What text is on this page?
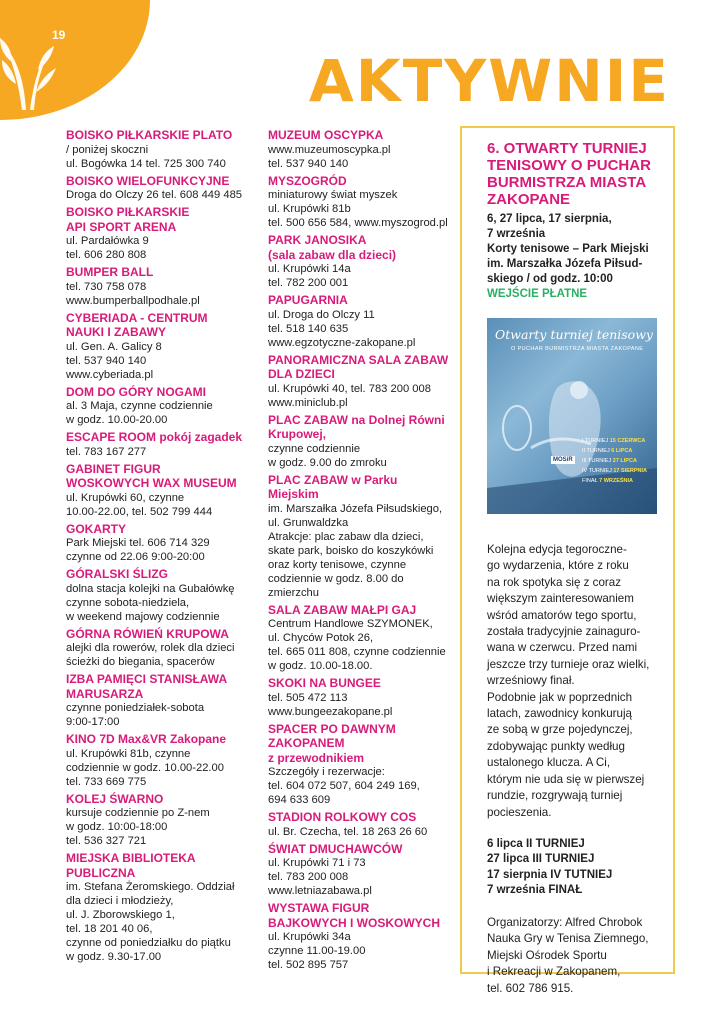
19
AKTYWNIE
BOISKO PIŁKARSKIE PLATO
/ poniżej skoczni
ul. Bogówka 14 tel. 725 300 740
BOISKO WIELOFUNKCYJNE
Droga do Olczy 26 tel. 608 449 485
BOISKO PIŁKARSKIE
API SPORT ARENA
ul. Pardałówka 9
tel. 606 280 808
BUMPER BALL
tel. 730 758 078
www.bumperballpodhale.pl
CYBERIADA - CENTRUM
NAUKI I ZABAWY
ul. Gen. A. Galicy 8
tel. 537 940 140
www.cyberiada.pl
DOM DO GÓRY NOGAMI
al. 3 Maja, czynne codziennie
w godz. 10.00-20.00
ESCAPE ROOM pokój zagadek
tel. 783 167 277
GABINET FIGUR
WOSKOWYCH WAX MUSEUM
ul. Krupówki 60, czynne
10.00-22.00, tel. 502 799 444
GOKARTY
Park Miejski tel. 606 714 329
czynne od 22.06 9:00-20:00
GÓRALSKI ŚLIZG
dolna stacja kolejki na Gubałówkę
czynne sobota-niedziela,
w weekend majowy codziennie
GÓRNA RÓWIEŃ KRUPOWA
alejki dla rowerów, rolek dla dzieci
ścieżki do biegania, spacerów
IZBA PAMIĘCI STANISŁAWA
MARUSARZA
czynne poniedziałek-sobota
9:00-17:00
KINO 7D Max&VR Zakopane
ul. Krupówki 81b, czynne
codziennie w godz. 10.00-22.00
tel. 733 669 775
KOLEJ ŚWARNO
kursuje codziennie po Z-nem
w godz. 10:00-18:00
tel. 536 327 721
MIEJSKA BIBLIOTEKA
PUBLICZNA
im. Stefana Żeromskiego. Oddział
dla dzieci i młodzieży,
ul. J. Zborowskiego 1,
tel. 18 201 40 06,
czynne od poniedziałku do piątku
w godz. 9.30-17.00
MUZEUM OSCYPKA
www.muzeumoscypka.pl
tel. 537 940 140
MYSZOGRÓD
miniaturowy świat myszek
ul. Krupówki 81b
tel. 500 656 584, www.myszogrod.pl
PARK JANOSIKA
(sala zabaw dla dzieci)
ul. Krupówki 14a
tel. 782 200 001
PAPUGARNIA
ul. Droga do Olczy 11
tel. 518 140 635
www.egzotyczne-zakopane.pl
PANORAMICZNA SALA ZABAW
DLA DZIECI
ul. Krupówki 40, tel. 783 200 008
www.miniclub.pl
PLAC ZABAW na Dolnej Równi
Krupowej,
czynne codziennie
w godz. 9.00 do zmroku
PLAC ZABAW w Parku
Miejskim
im. Marszałka Józefa Piłsudskiego,
ul. Grunwaldzka
Atrakcje: plac zabaw dla dzieci,
skate park, boisko do koszykówki
oraz korty tenisowe, czynne
codziennie w godz. 8.00 do
zmierzchu
SALA ZABAW MAŁPI GAJ
Centrum Handlowe SZYMONEK,
ul. Chyców Potok 26,
tel. 665 011 808, czynne codziennie
w godz. 10.00-18.00.
SKOKI NA BUNGEE
tel. 505 472 113
www.bungeezakopane.pl
SPACER PO DAWNYM
ZAKOPANEM
z przewodnikiem
Szczegóły i rezerwacje:
tel. 604 072 507, 604 249 169,
694 633 609
STADION ROLKOWY COS
ul. Br. Czecha, tel. 18 263 26 60
ŚWIAT DMUCHAWCÓW
ul. Krupówki 71 i 73
tel. 783 200 008
www.letniazabawa.pl
WYSTAWA FIGUR
BAJKOWYCH I WOSKOWYCH
ul. Krupówki 34a
czynne 11.00-19.00
tel. 502 895 757
6. OTWARTY TURNIEJ
TENISOWY O PUCHAR
BURMISTRZA MIASTA
ZAKOPANE
6, 27 lipca, 17 sierpnia,
7 września
Korty tenisowe – Park Miejski
im. Marszałka Józefa Piłsud-
skiego / od godz. 10:00
WEJŚCIE PŁATNE
Otwarty turniej tenisowy
O PUCHAR BURMISTRZA MIASTA ZAKOPANE
I TURNIEJ 15 CZERWCA
II TURNIEJ 6 LIPCA
III TURNIEJ 27 LIPCA
IV TURNIEJ 17 SIERPNIA
FINAŁ 7 WRZEŚNIA
MOSiR
Kolejna edycja tegoroczne-
go wydarzenia, które z roku
na rok spotyka się z coraz
większym zainteresowaniem
wśród amatorów tego sportu,
została tradycyjnie zainaguro-
wana w czerwcu. Przed nami
jeszcze trzy turnieje oraz wielki,
wrześniowy finał.
Podobnie jak w poprzednich
latach, zawodnicy konkurują
ze sobą w grze pojedynczej,
zdobywając punkty według
ustalonego klucza. A Ci,
którym nie uda się w pierwszej
rundzie, rozgrywają turniej
pocieszenia.
6 lipca II TURNIEJ
27 lipca III TURNIEJ
17 sierpnia IV TUTNIEJ
7 września FINAŁ
Organizatorzy: Alfred Chrobok
Nauka Gry w Tenisa Ziemnego,
Miejski Ośrodek Sportu
i Rekreacji w Zakopanem,
tel. 602 786 915.
